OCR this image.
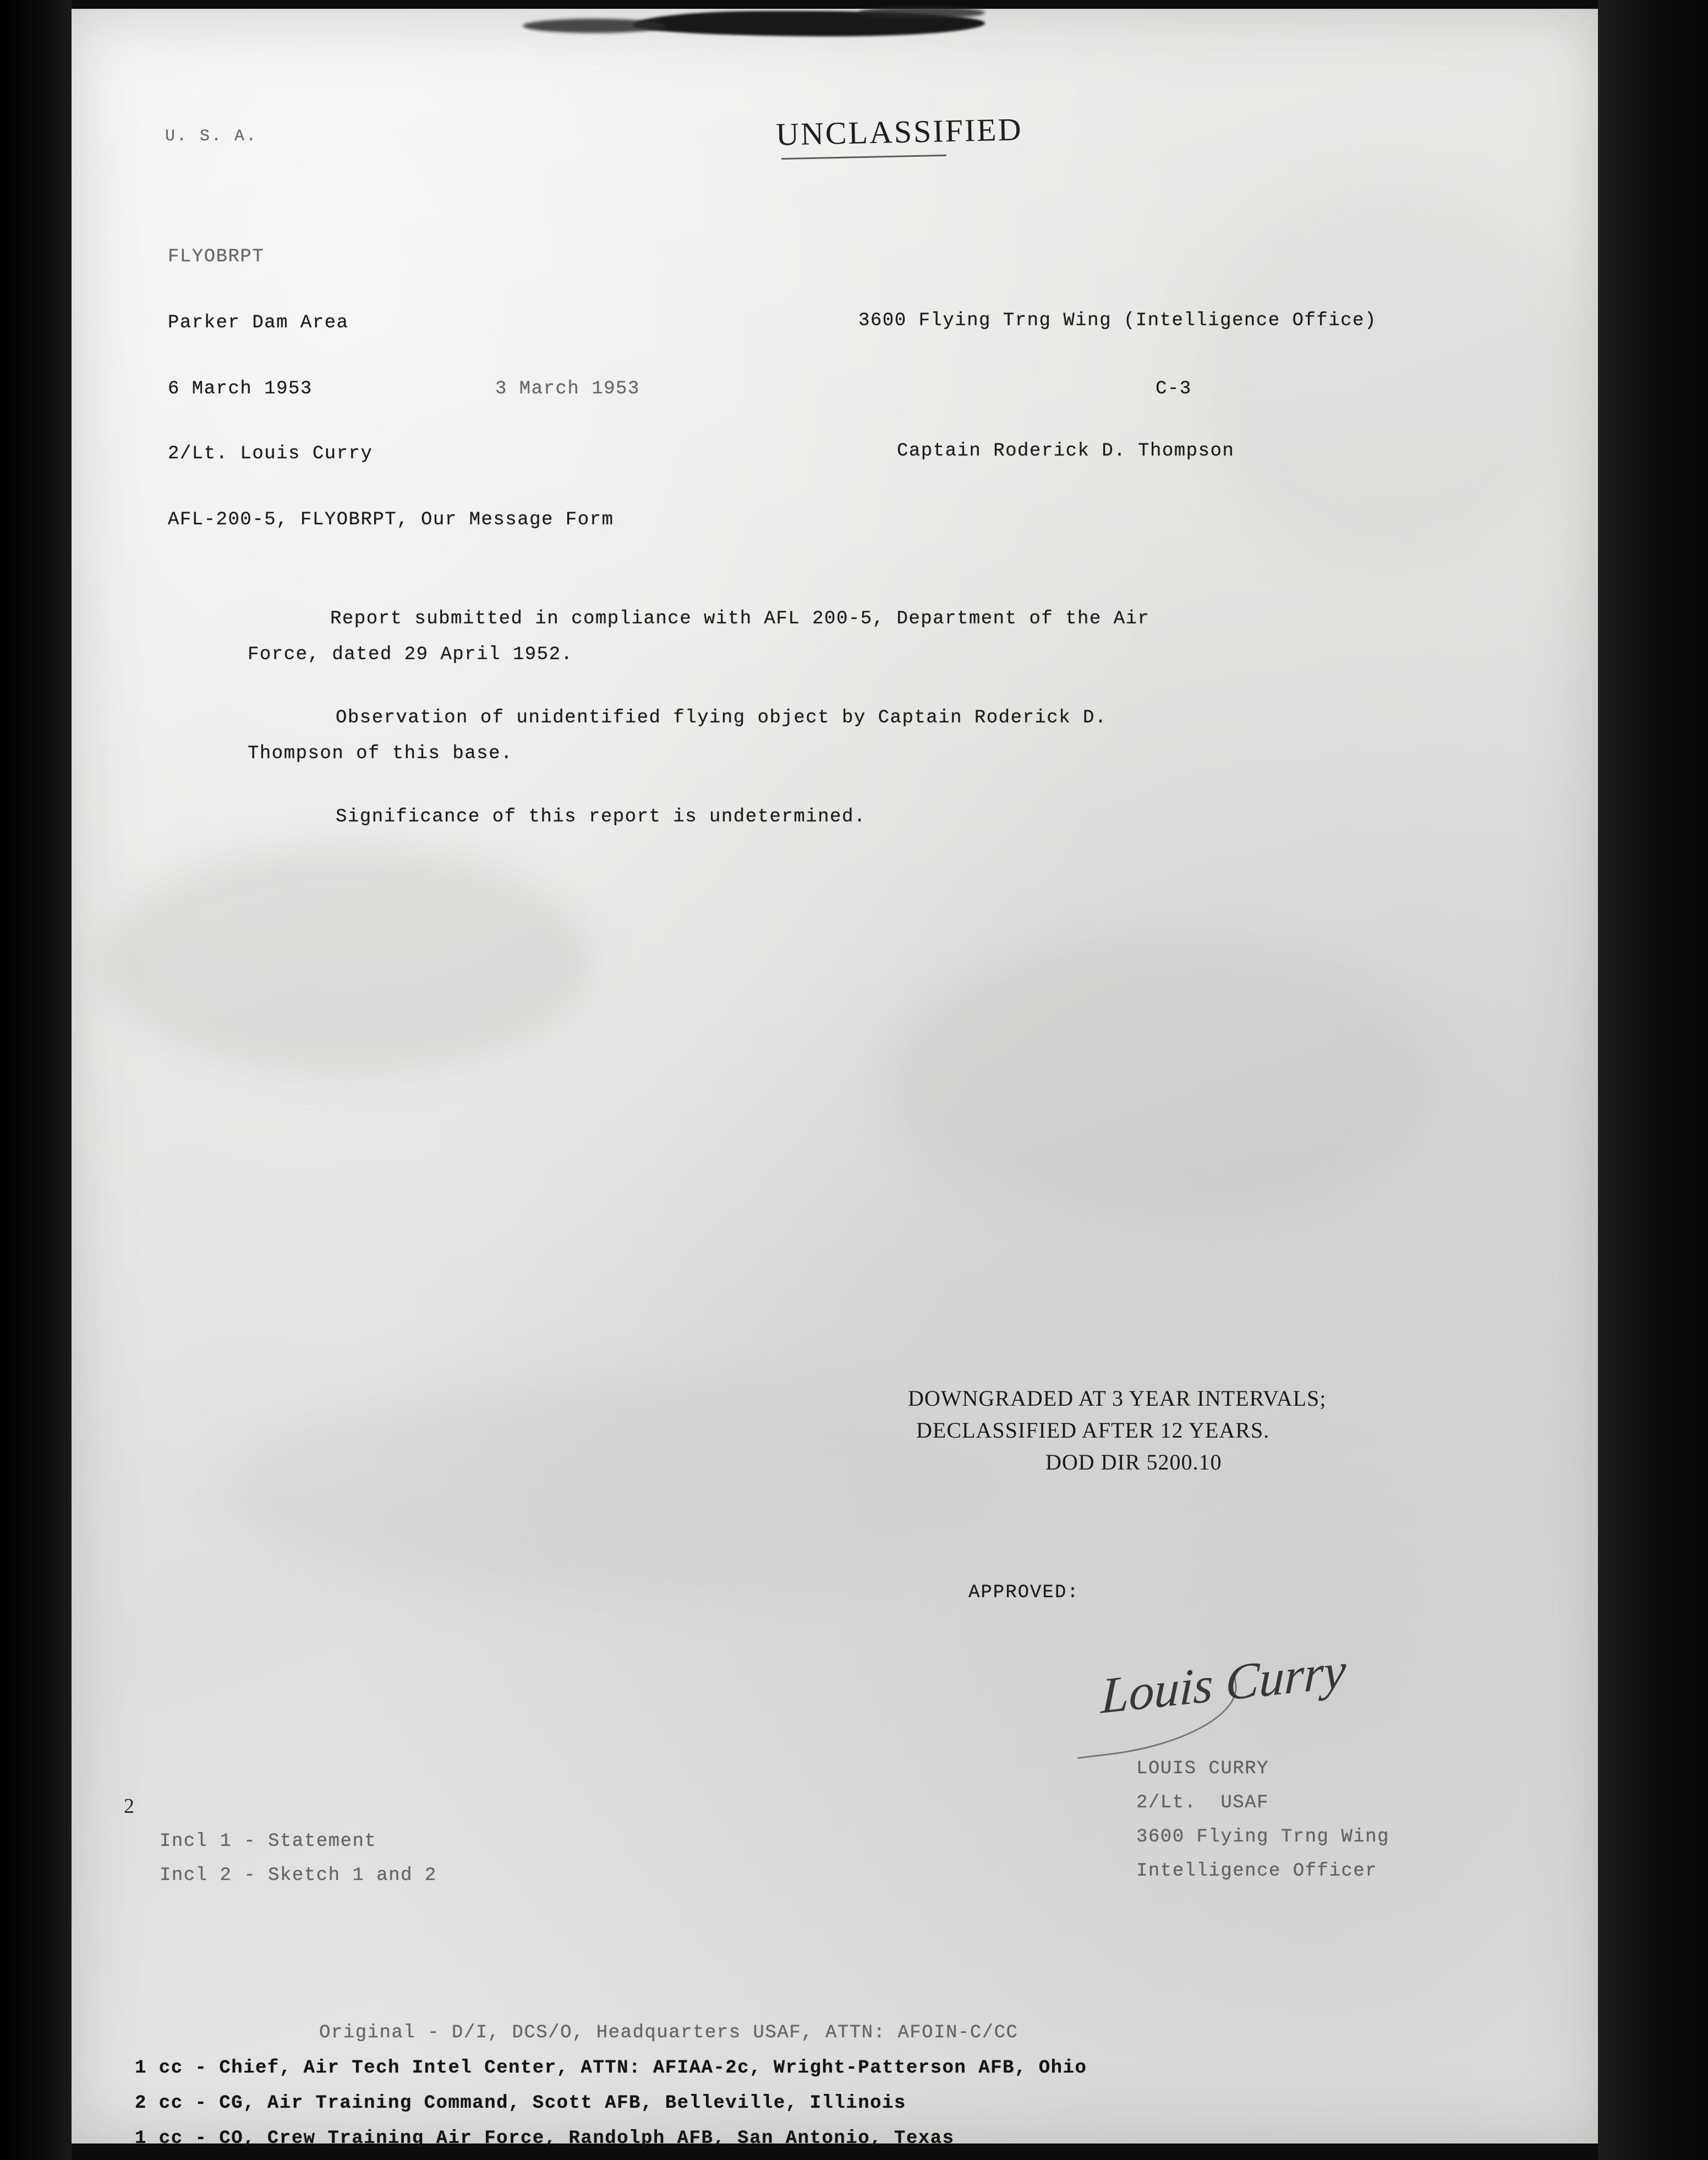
U. S. A.	UNCLASSIFIED
FLYOBRPT
Parker Dam Area	3600 Flying Trng Wing (Intelligence Office)
6 March 1953	3 March 1953	C-3
2/Lt. Louis Curry	Captain Roderick D. Thompson
AFL-200-5, FLYOBRPT, Our Message Form
Report submitted in compliance with AFL 200-5, Department of the Air
Force, dated 29 April 1952.
Observation of unidentified flying object by Captain Roderick D.
Thompson of this base.
Significance of this report is undetermined.
DOWNGRADED AT 3 YEAR INTERVALS;
DECLASSIFIED AFTER 12 YEARS.
DOD DIR 5200.10
APPROVED:
Louis Curry
LOUIS CURRY
2/Lt.  USAF
3600 Flying Trng Wing
Intelligence Officer
2
Incl 1 - Statement
Incl 2 - Sketch 1 and 2
Original - D/I, DCS/O, Headquarters USAF, ATTN: AFOIN-C/CC
1 cc - Chief, Air Tech Intel Center, ATTN: AFIAA-2c, Wright-Patterson AFB, Ohio
2 cc - CG, Air Training Command, Scott AFB, Belleville, Illinois
1 cc - CO, Crew Training Air Force, Randolph AFB, San Antonio, Texas
